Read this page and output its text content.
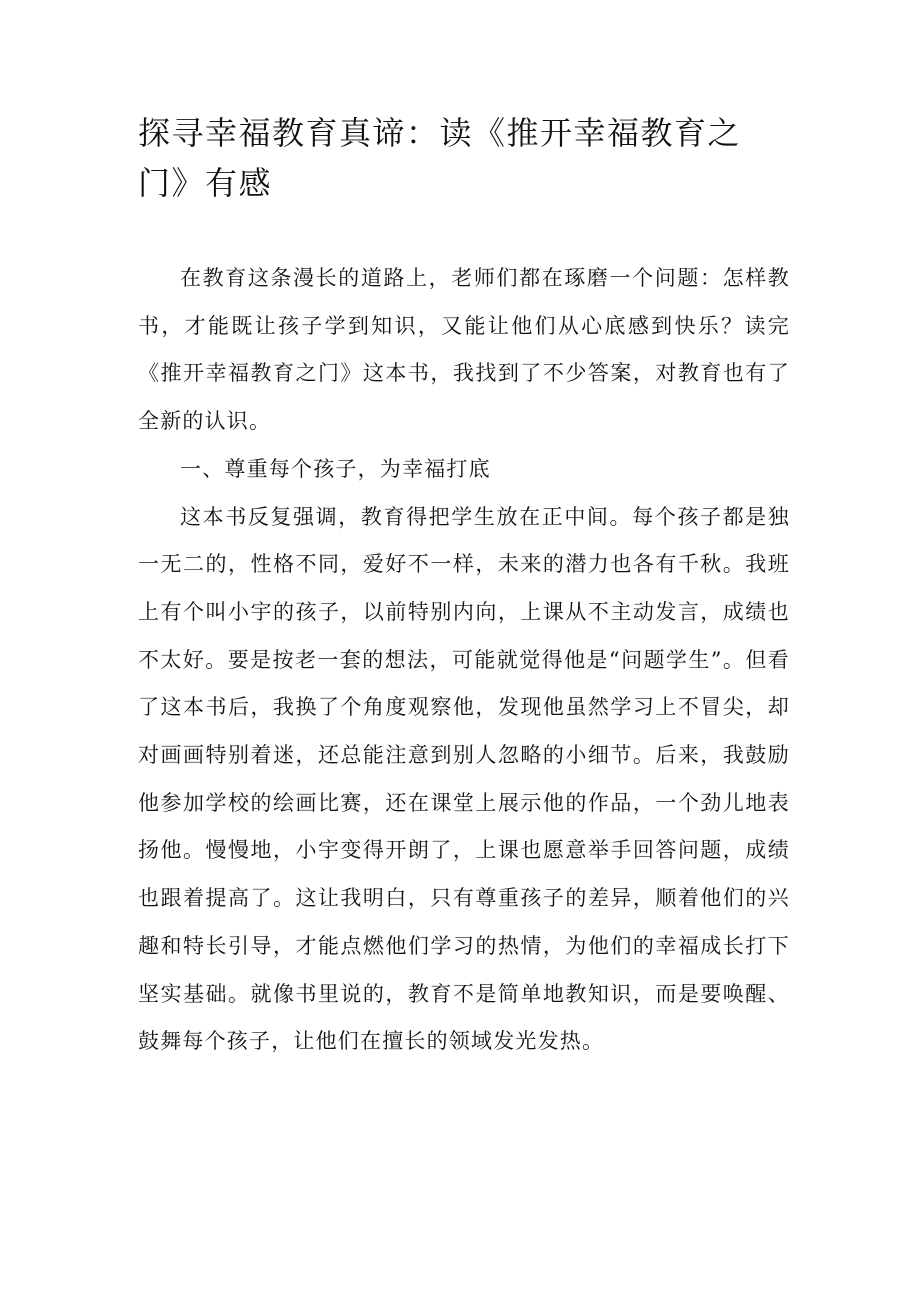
探寻幸福教育真谛：读《推开幸福教育之门》有感

在教育这条漫长的道路上，老师们都在琢磨一个问题：怎样教书，才能既让孩子学到知识，又能让他们从心底感到快乐？读完《推开幸福教育之门》这本书，我找到了不少答案，对教育也有了全新的认识。

一、尊重每个孩子，为幸福打底

这本书反复强调，教育得把学生放在正中间。每个孩子都是独一无二的，性格不同，爱好不一样，未来的潜力也各有千秋。我班上有个叫小宇的孩子，以前特别内向，上课从不主动发言，成绩也不太好。要是按老一套的想法，可能就觉得他是“问题学生”。但看了这本书后，我换了个角度观察他，发现他虽然学习上不冒尖，却对画画特别着迷，还总能注意到别人忽略的小细节。后来，我鼓励他参加学校的绘画比赛，还在课堂上展示他的作品，一个劲儿地表扬他。慢慢地，小宇变得开朗了，上课也愿意举手回答问题，成绩也跟着提高了。这让我明白，只有尊重孩子的差异，顺着他们的兴趣和特长引导，才能点燃他们学习的热情，为他们的幸福成长打下坚实基础。就像书里说的，教育不是简单地教知识，而是要唤醒、鼓舞每个孩子，让他们在擅长的领域发光发热。
